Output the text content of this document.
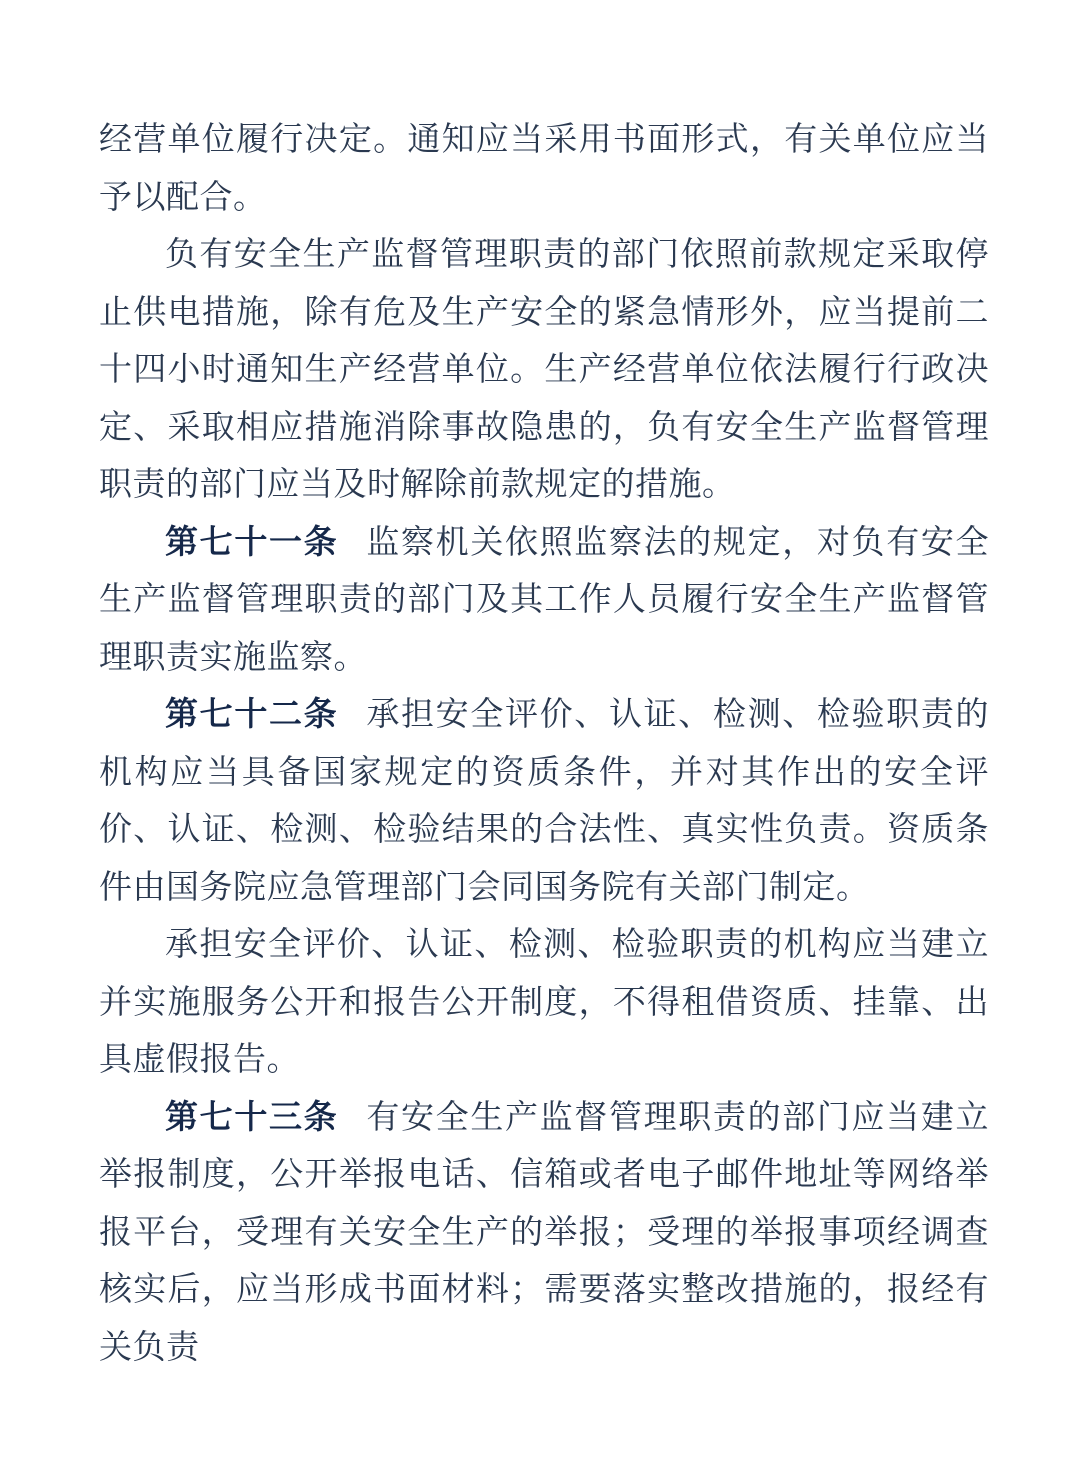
经营单位履行决定。通知应当采用书面形式，有关单位应当予以配合。

负有安全生产监督管理职责的部门依照前款规定采取停止供电措施，除有危及生产安全的紧急情形外，应当提前二十四小时通知生产经营单位。生产经营单位依法履行行政决定、采取相应措施消除事故隐患的，负有安全生产监督管理职责的部门应当及时解除前款规定的措施。

第七十一条 监察机关依照监察法的规定，对负有安全生产监督管理职责的部门及其工作人员履行安全生产监督管理职责实施监察。

第七十二条 承担安全评价、认证、检测、检验职责的机构应当具备国家规定的资质条件，并对其作出的安全评价、认证、检测、检验结果的合法性、真实性负责。资质条件由国务院应急管理部门会同国务院有关部门制定。

承担安全评价、认证、检测、检验职责的机构应当建立并实施服务公开和报告公开制度，不得租借资质、挂靠、出具虚假报告。

第七十三条 有安全生产监督管理职责的部门应当建立举报制度，公开举报电话、信箱或者电子邮件地址等网络举报平台，受理有关安全生产的举报；受理的举报事项经调查核实后，应当形成书面材料；需要落实整改措施的，报经有关负责
